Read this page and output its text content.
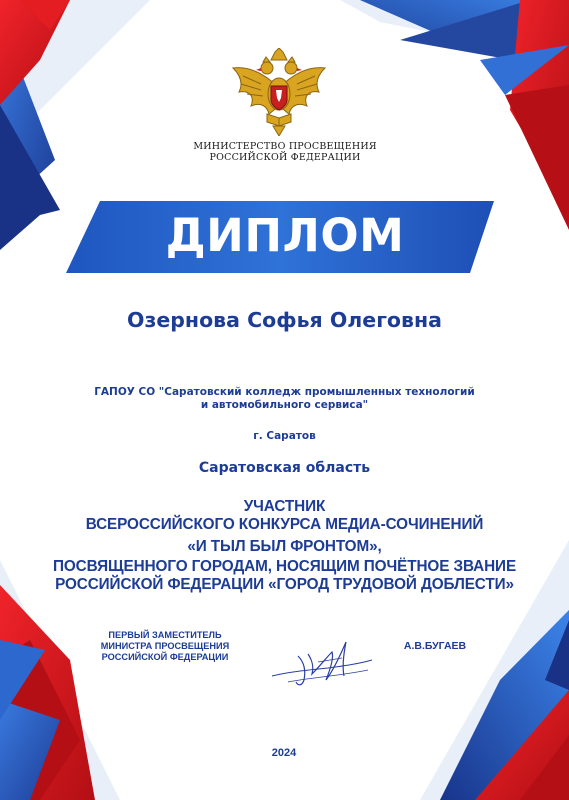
МИНИСТЕРСТВО ПРОСВЕЩЕНИЯ
РОССИЙСКОЙ ФЕДЕРАЦИИ
ДИПЛОМ
Озернова Софья Олеговна
ГАПОУ СО "Саратовский колледж промышленных технологий
и автомобильного сервиса"
г. Саратов
Саратовская область
УЧАСТНИК
ВСЕРОССИЙСКОГО КОНКУРСА МЕДИА-СОЧИНЕНИЙ
«И ТЫЛ БЫЛ ФРОНТОМ»,
ПОСВЯЩЕННОГО ГОРОДАМ, НОСЯЩИМ ПОЧЁТНОЕ ЗВАНИЕ
РОССИЙСКОЙ ФЕДЕРАЦИИ «ГОРОД ТРУДОВОЙ ДОБЛЕСТИ»
ПЕРВЫЙ ЗАМЕСТИТЕЛЬ
МИНИСТРА ПРОСВЕЩЕНИЯ
РОССИЙСКОЙ ФЕДЕРАЦИИ
А.В.БУГАЕВ
2024
